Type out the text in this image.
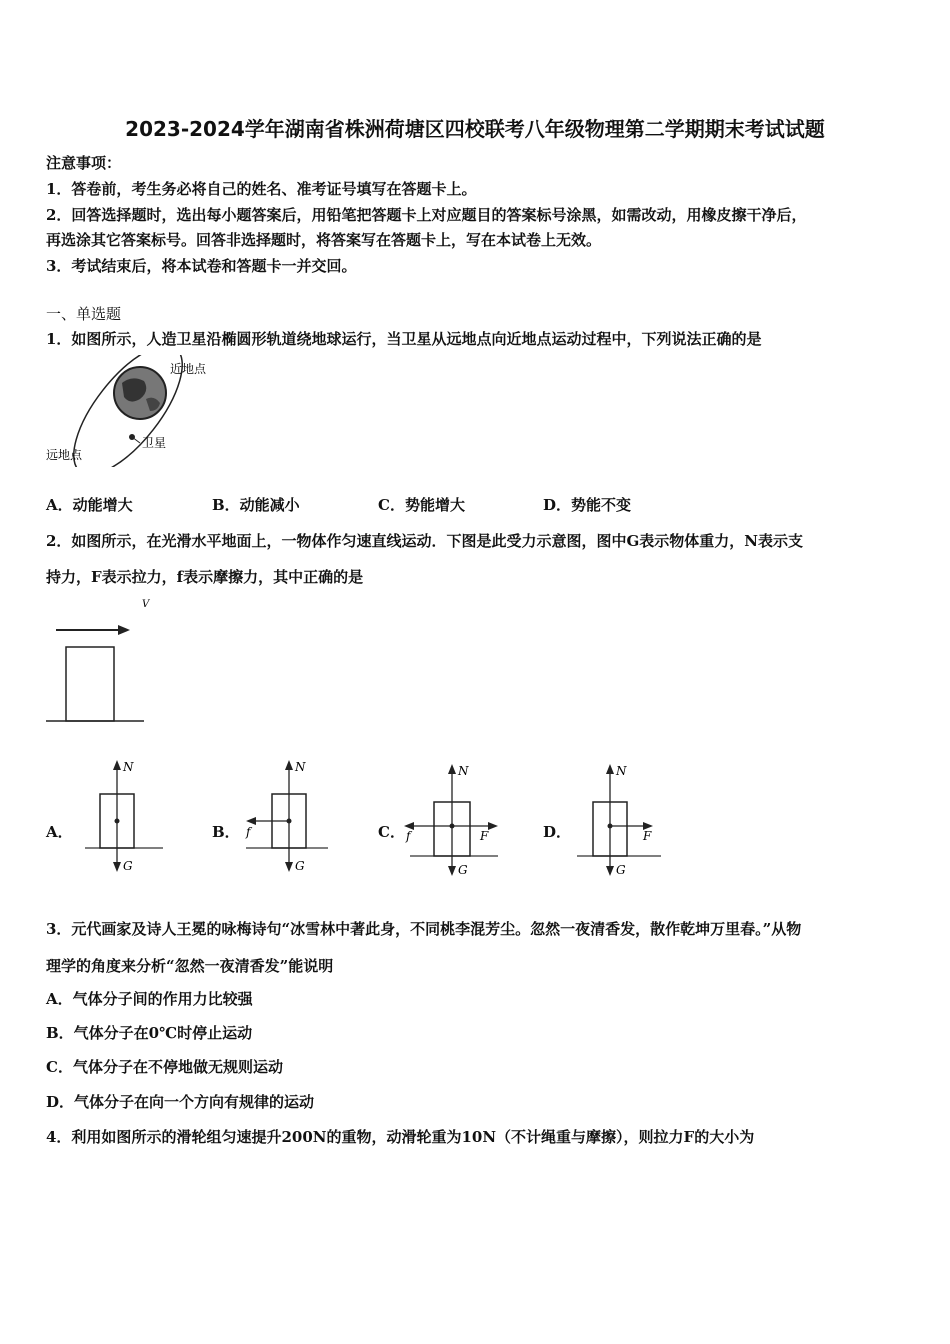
2023-2024学年湖南省株洲荷塘区四校联考八年级物理第二学期期末考试试题
注意事项：
1．答卷前，考生务必将自己的姓名、准考证号填写在答题卡上。
2．回答选择题时，选出每小题答案后，用铅笔把答题卡上对应题目的答案标号涂黑，如需改动，用橡皮擦干净后，
再选涂其它答案标号。回答非选择题时，将答案写在答题卡上，写在本试卷上无效。
3．考试结束后，将本试卷和答题卡一并交回。
一、单选题
1．如图所示，人造卫星沿椭圆形轨道绕地球运行，当卫星从远地点向近地点运动过程中，下列说法正确的是
近地点
卫星
远地点
A．动能增大	B．动能减小	C．势能增大	D．势能不变
2．如图所示，在光滑水平地面上，一物体作匀速直线运动．下图是此受力示意图，图中G表示物体重力，N表示支
持力，F表示拉力，f表示摩擦力，其中正确的是
V
A．
N
G
B．
N
f
G
C．
N
f	F
G
D．
N
F
G
3．元代画家及诗人王冕的咏梅诗句“冰雪林中著此身，不同桃李混芳尘。忽然一夜清香发，散作乾坤万里春。”从物
理学的角度来分析“忽然一夜清香发”能说明
A．气体分子间的作用力比较强
B．气体分子在0℃时停止运动
C．气体分子在不停地做无规则运动
D．气体分子在向一个方向有规律的运动
4．利用如图所示的滑轮组匀速提升200N的重物，动滑轮重为10N（不计绳重与摩擦），则拉力F的大小为
